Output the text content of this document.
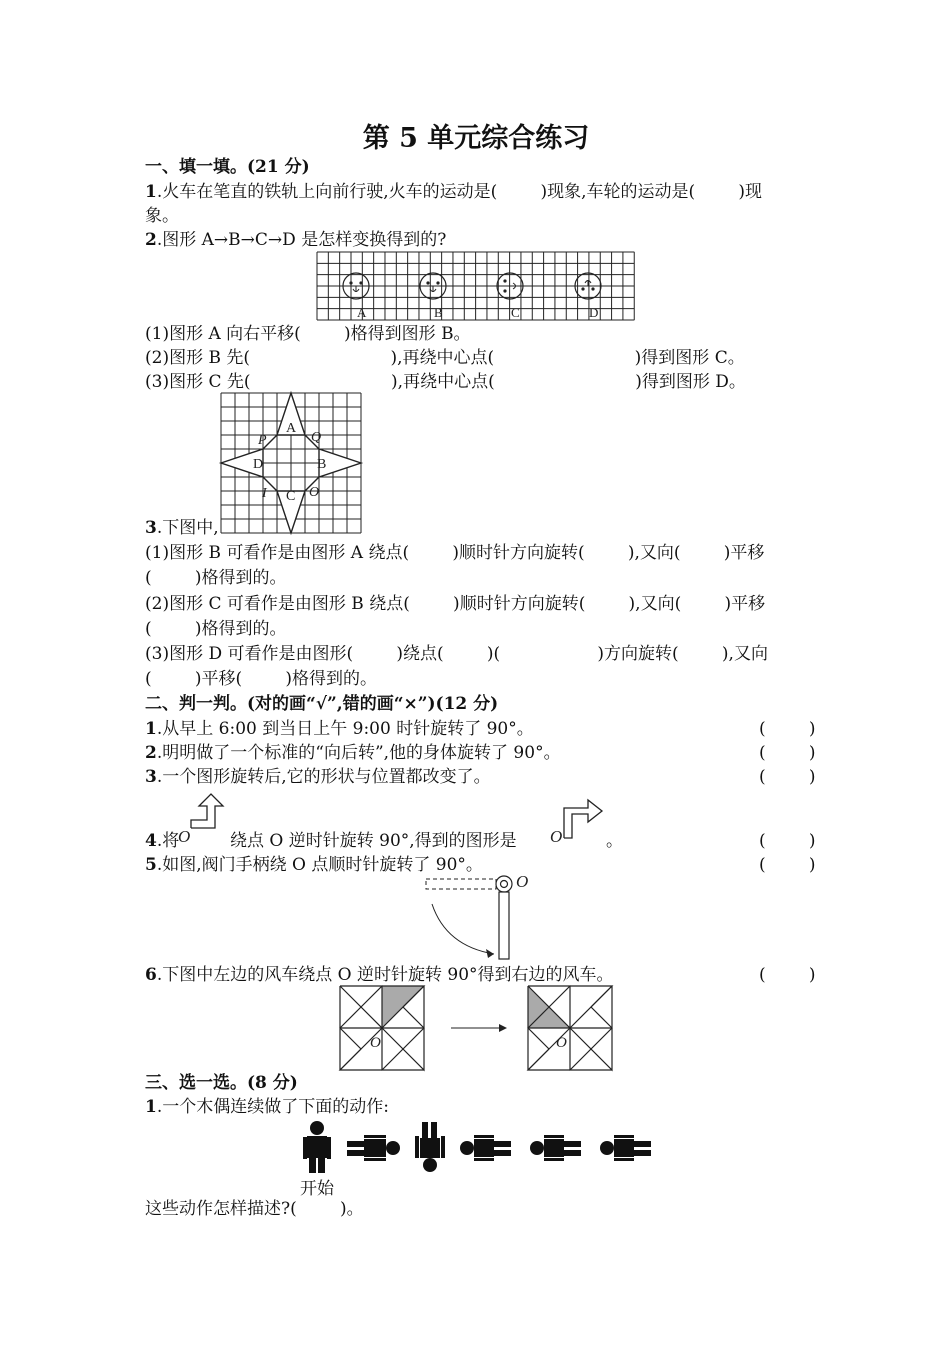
第 5 单元综合练习
一、填一填。(21 分)
1.火车在笔直的铁轨上向前行驶,火车的运动是(        )现象,车轮的运动是(        )现
象。
2.图形 A→B→C→D 是怎样变换得到的?
A	B	C	D
(1)图形 A 向右平移(        )格得到图形 B。
(2)图形 B 先(                          ),再绕中心点(                          )得到图形 C。
(3)图形 C 先(                          ),再绕中心点(                          )得到图形 D。
A
B
C
D
P	Q
I	O
3.下图中,
(1)图形 B 可看作是由图形 A 绕点(        )顺时针方向旋转(        ),又向(        )平移
(        )格得到的。
(2)图形 C 可看作是由图形 B 绕点(        )顺时针方向旋转(        ),又向(        )平移
(        )格得到的。
(3)图形 D 可看作是由图形(        )绕点(        )(                  )方向旋转(        ),又向
(        )平移(        )格得到的。
二、判一判。(对的画“√”,错的画“×”)(12 分)
1.从早上 6:00 到当日上午 9:00 时针旋转了 90°。	(        )
2.明明做了一个标准的“向后转”,他的身体旋转了 90°。	(        )
3.一个图形旋转后,它的形状与位置都改变了。	(        )
4.将
O 绕点 O 逆时针旋转 90°,得到的图形是 O	。	(        )
5.如图,阀门手柄绕 O 点顺时针旋转了 90°。	(        )
O
6.下图中左边的风车绕点 O 逆时针旋转 90°得到右边的风车。	(        )
O	O
三、选一选。(8 分)
1.一个木偶连续做了下面的动作:
开始
这些动作怎样描述?(        )。
